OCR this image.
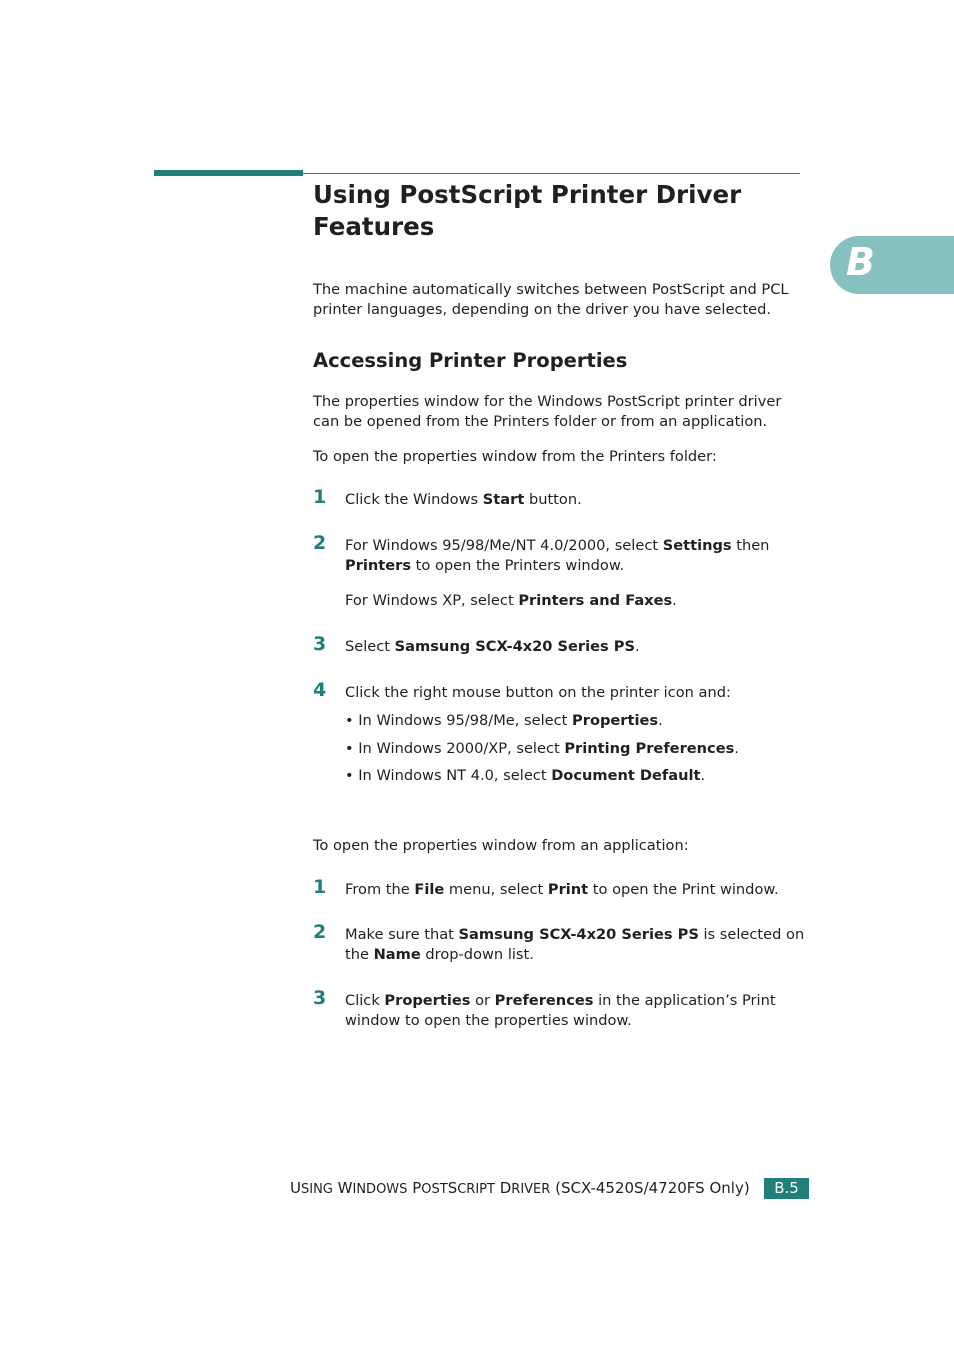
B
Using PostScript Printer Driver Features

The machine automatically switches between PostScript and PCL printer languages, depending on the driver you have selected.

Accessing Printer Properties

The properties window for the Windows PostScript printer driver can be opened from the Printers folder or from an application.

To open the properties window from the Printers folder:

1 Click the Windows Start button.
2 For Windows 95/98/Me/NT 4.0/2000, select Settings then Printers to open the Printers window.
For Windows XP, select Printers and Faxes.
3 Select Samsung SCX-4x20 Series PS.
4 Click the right mouse button on the printer icon and:
• In Windows 95/98/Me, select Properties.
• In Windows 2000/XP, select Printing Preferences.
• In Windows NT 4.0, select Document Default.

To open the properties window from an application:

1 From the File menu, select Print to open the Print window.
2 Make sure that Samsung SCX-4x20 Series PS is selected on the Name drop-down list.
3 Click Properties or Preferences in the application’s Print window to open the properties window.
USING WINDOWS POSTSCRIPT DRIVER (SCX-4520S/4720FS Only)	B.5
